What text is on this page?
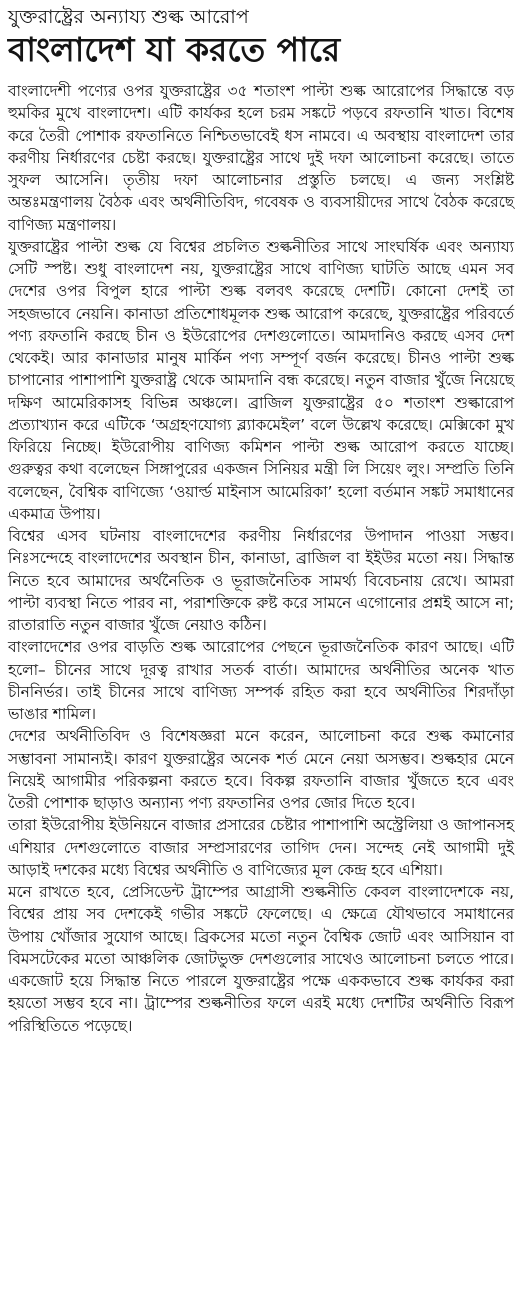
যুক্তরাষ্ট্রের অন্যায্য শুল্ক আরোপ
বাংলাদেশ যা করতে পারে

বাংলাদেশী পণ্যের ওপর যুক্তরাষ্ট্রের ৩৫ শতাংশ পাল্টা শুল্ক আরোপের সিদ্ধান্তে বড় হুমকির মুখে বাংলাদেশ। এটি কার্যকর হলে চরম সঙ্কটে পড়বে রফতানি খাত। বিশেষ করে তৈরী পোশাক রফতানিতে নিশ্চিতভাবেই ধস নামবে। এ অবস্থায় বাংলাদেশ তার করণীয় নির্ধারণের চেষ্টা করছে। যুক্তরাষ্ট্রের সাথে দুই দফা আলোচনা করেছে। তাতে সুফল আসেনি। তৃতীয় দফা আলোচনার প্রস্তুতি চলছে। এ জন্য সংশ্লিষ্ট অন্তঃমন্ত্রণালয় বৈঠক এবং অর্থনীতিবিদ, গবেষক ও ব্যবসায়ীদের সাথে বৈঠক করেছে বাণিজ্য মন্ত্রণালয়।

যুক্তরাষ্ট্রের পাল্টা শুল্ক যে বিশ্বের প্রচলিত শুল্কনীতির সাথে সাংঘর্ষিক এবং অন্যায্য সেটি স্পষ্ট। শুধু বাংলাদেশ নয়, যুক্তরাষ্ট্রের সাথে বাণিজ্য ঘাটতি আছে এমন সব দেশের ওপর বিপুল হারে পাল্টা শুল্ক বলবৎ করেছে দেশটি। কোনো দেশই তা সহজভাবে নেয়নি। কানাডা প্রতিশোধমূলক শুল্ক আরোপ করেছে, যুক্তরাষ্ট্রের পরিবর্তে পণ্য রফতানি করছে চীন ও ইউরোপের দেশগুলোতে। আমদানিও করছে এসব দেশ থেকেই। আর কানাডার মানুষ মার্কিন পণ্য সম্পূর্ণ বর্জন করেছে। চীনও পাল্টা শুল্ক চাপানোর পাশাপাশি যুক্তরাষ্ট্র থেকে আমদানি বন্ধ করেছে। নতুন বাজার খুঁজে নিয়েছে দক্ষিণ আমেরিকাসহ বিভিন্ন অঞ্চলে। ব্রাজিল যুক্তরাষ্ট্রের ৫০ শতাংশ শুল্কারোপ প্রত্যাখ্যান করে এটিকে ‘অগ্রহণযোগ্য ব্ল্যাকমেইল’ বলে উল্লেখ করেছে। মেক্সিকো মুখ ফিরিয়ে নিচ্ছে। ইউরোপীয় বাণিজ্য কমিশন পাল্টা শুল্ক আরোপ করতে যাচ্ছে। গুরুত্বর কথা বলেছেন সিঙ্গাপুরের একজন সিনিয়র মন্ত্রী লি সিয়েং লুং। সম্প্রতি তিনি বলেছেন, বৈশ্বিক বাণিজ্যে ‘ওয়ার্ল্ড মাইনাস আমেরিকা’ হলো বর্তমান সঙ্কট সমাধানের একমাত্র উপায়।

বিশ্বের এসব ঘটনায় বাংলাদেশের করণীয় নির্ধারণের উপাদান পাওয়া সম্ভব। নিঃসন্দেহে বাংলাদেশের অবস্থান চীন, কানাডা, ব্রাজিল বা ইইউর মতো নয়। সিদ্ধান্ত নিতে হবে আমাদের অর্থনৈতিক ও ভূরাজনৈতিক সামর্থ্য বিবেচনায় রেখে। আমরা পাল্টা ব্যবস্থা নিতে পারব না, পরাশক্তিকে রুষ্ট করে সামনে এগোনোর প্রশ্নই আসে না; রাতারাতি নতুন বাজার খুঁজে নেয়াও কঠিন।

বাংলাদেশের ওপর বাড়তি শুল্ক আরোপের পেছনে ভূরাজনৈতিক কারণ আছে। এটি হলো– চীনের সাথে দূরত্ব রাখার সতর্ক বার্তা। আমাদের অর্থনীতির অনেক খাত চীননির্ভর। তাই চীনের সাথে বাণিজ্য সম্পর্ক রহিত করা হবে অর্থনীতির শিরদাঁড়া ভাঙার শামিল।

দেশের অর্থনীতিবিদ ও বিশেষজ্ঞরা মনে করেন, আলোচনা করে শুল্ক কমানোর সম্ভাবনা সামান্যই। কারণ যুক্তরাষ্ট্রের অনেক শর্ত মেনে নেয়া অসম্ভব। শুল্কহার মেনে নিয়েই আগামীর পরিকল্পনা করতে হবে। বিকল্প রফতানি বাজার খুঁজতে হবে এবং তৈরী পোশাক ছাড়াও অন্যান্য পণ্য রফতানির ওপর জোর দিতে হবে।

তারা ইউরোপীয় ইউনিয়নে বাজার প্রসারের চেষ্টার পাশাপাশি অস্ট্রেলিয়া ও জাপানসহ এশিয়ার দেশগুলোতে বাজার সম্প্রসারণের তাগিদ দেন। সন্দেহ নেই আগামী দুই আড়াই দশকের মধ্যে বিশ্বের অর্থনীতি ও বাণিজ্যের মূল কেন্দ্র হবে এশিয়া।

মনে রাখতে হবে, প্রেসিডেন্ট ট্রাম্পের আগ্রাসী শুল্কনীতি কেবল বাংলাদেশকে নয়, বিশ্বের প্রায় সব দেশকেই গভীর সঙ্কটে ফেলেছে। এ ক্ষেত্রে যৌথভাবে সমাধানের উপায় খোঁজার সুযোগ আছে। ব্রিকসের মতো নতুন বৈশ্বিক জোট এবং আসিয়ান বা বিমসটেকের মতো আঞ্চলিক জোটভুক্ত দেশগুলোর সাথেও আলোচনা চলতে পারে। একজোট হয়ে সিদ্ধান্ত নিতে পারলে যুক্তরাষ্ট্রের পক্ষে এককভাবে শুল্ক কার্যকর করা হয়তো সম্ভব হবে না। ট্রাম্পের শুল্কনীতির ফলে এরই মধ্যে দেশটির অর্থনীতি বিরূপ পরিস্থিতিতে পড়েছে।
